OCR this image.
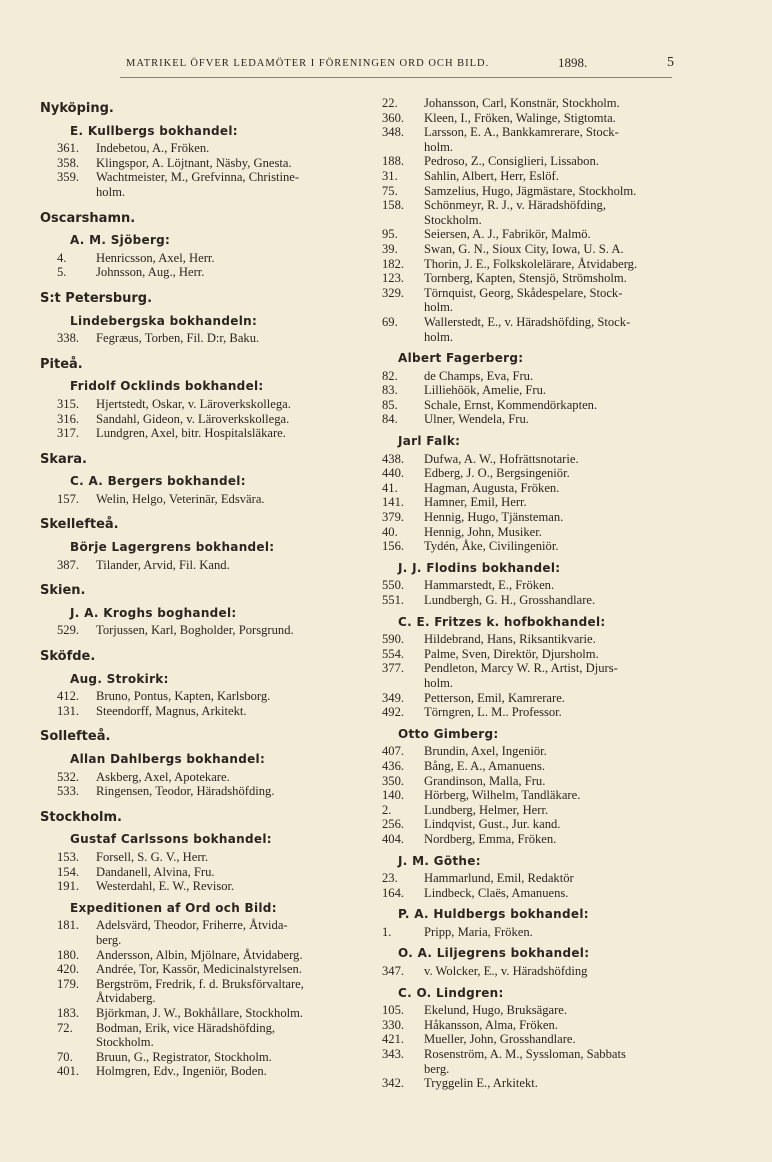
MATRIKEL ÖFVER LEDAMÖTER I FÖRENINGEN ORD OCH BILD.	1898.	5
Nyköping.
E. Kullbergs bokhandel:
361.	Indebetou, A., Fröken.
358.	Klingspor, A. Löjtnant, Näsby, Gnesta.
359.	Wachtmeister, M., Grefvinna, Christine-
holm.
Oscarshamn.
A. M. Sjöberg:
4.	Henricsson, Axel, Herr.
5.	Johnsson, Aug., Herr.
S:t Petersburg.
Lindebergska bokhandeln:
338.	Fegræus, Torben, Fil. D:r, Baku.
Piteå.
Fridolf Ocklinds bokhandel:
315.	Hjertstedt, Oskar, v. Läroverkskollega.
316.	Sandahl, Gideon, v. Läroverkskollega.
317.	Lundgren, Axel, bitr. Hospitalsläkare.
Skara.
C. A. Bergers bokhandel:
157.	Welin, Helgo, Veterinär, Edsvära.
Skellefteå.
Börje Lagergrens bokhandel:
387.	Tilander, Arvid, Fil. Kand.
Skien.
J. A. Kroghs boghandel:
529.	Torjussen, Karl, Bogholder, Porsgrund.
Sköfde.
Aug. Strokirk:
412.	Bruno, Pontus, Kapten, Karlsborg.
131.	Steendorff, Magnus, Arkitekt.
Sollefteå.
Allan Dahlbergs bokhandel:
532.	Askberg, Axel, Apotekare.
533.	Ringensen, Teodor, Häradshöfding.
Stockholm.
Gustaf Carlssons bokhandel:
153.	Forsell, S. G. V., Herr.
154.	Dandanell, Alvina, Fru.
191.	Westerdahl, E. W., Revisor.
Expeditionen af Ord och Bild:
181.	Adelsvärd, Theodor, Friherre, Åtvida-
berg.
180.	Andersson, Albin, Mjölnare, Åtvidaberg.
420.	Andrée, Tor, Kassör, Medicinalstyrelsen.
179.	Bergström, Fredrik, f. d. Bruksförvaltare,
Åtvidaberg.
183.	Björkman, J. W., Bokhållare, Stockholm.
72.	Bodman, Erik, vice Häradshöfding,
Stockholm.
70.	Bruun, G., Registrator, Stockholm.
401.	Holmgren, Edv., Ingeniör, Boden.
22.	Johansson, Carl, Konstnär, Stockholm.
360.	Kleen, I., Fröken, Walinge, Stigtomta.
348.	Larsson, E. A., Bankkamrerare, Stock-
holm.
188.	Pedroso, Z., Consiglieri, Lissabon.
31.	Sahlin, Albert, Herr, Eslöf.
75.	Samzelius, Hugo, Jägmästare, Stockholm.
158.	Schönmeyr, R. J., v. Häradshöfding,
Stockholm.
95.	Seiersen, A. J., Fabrikör, Malmö.
39.	Swan, G. N., Sioux City, Iowa, U. S. A.
182.	Thorin, J. E., Folkskolelärare, Åtvidaberg.
123.	Tornberg, Kapten, Stensjö, Strömsholm.
329.	Törnquist, Georg, Skådespelare, Stock-
holm.
69.	Wallerstedt, E., v. Häradshöfding, Stock-
holm.
Albert Fagerberg:
82.	de Champs, Eva, Fru.
83.	Lilliehöök, Amelie, Fru.
85.	Schale, Ernst, Kommendörkapten.
84.	Ulner, Wendela, Fru.
Jarl Falk:
438.	Dufwa, A. W., Hofrättsnotarie.
440.	Edberg, J. O., Bergsingeniör.
41.	Hagman, Augusta, Fröken.
141.	Hamner, Emil, Herr.
379.	Hennig, Hugo, Tjänsteman.
40.	Hennig, John, Musiker.
156.	Tydén, Åke, Civilingeniör.
J. J. Flodins bokhandel:
550.	Hammarstedt, E., Fröken.
551.	Lundbergh, G. H., Grosshandlare.
C. E. Fritzes k. hofbokhandel:
590.	Hildebrand, Hans, Riksantikvarie.
554.	Palme, Sven, Direktör, Djursholm.
377.	Pendleton, Marcy W. R., Artist, Djurs-
holm.
349.	Petterson, Emil, Kamrerare.
492.	Törngren, L. M.. Professor.
Otto Gimberg:
407.	Brundin, Axel, Ingeniör.
436.	Bång, E. A., Amanuens.
350.	Grandinson, Malla, Fru.
140.	Hörberg, Wilhelm, Tandläkare.
2.	Lundberg, Helmer, Herr.
256.	Lindqvist, Gust., Jur. kand.
404.	Nordberg, Emma, Fröken.
J. M. Göthe:
23.	Hammarlund, Emil, Redaktör
164.	Lindbeck, Claës, Amanuens.
P. A. Huldbergs bokhandel:
1.	Pripp, Maria, Fröken.
O. A. Liljegrens bokhandel:
347.	v. Wolcker, E., v. Häradshöfding
C. O. Lindgren:
105.	Ekelund, Hugo, Bruksägare.
330.	Håkansson, Alma, Fröken.
421.	Mueller, John, Grosshandlare.
343.	Rosenström, A. M., Syssloman, Sabbats
berg.
342.	Tryggelin E., Arkitekt.
